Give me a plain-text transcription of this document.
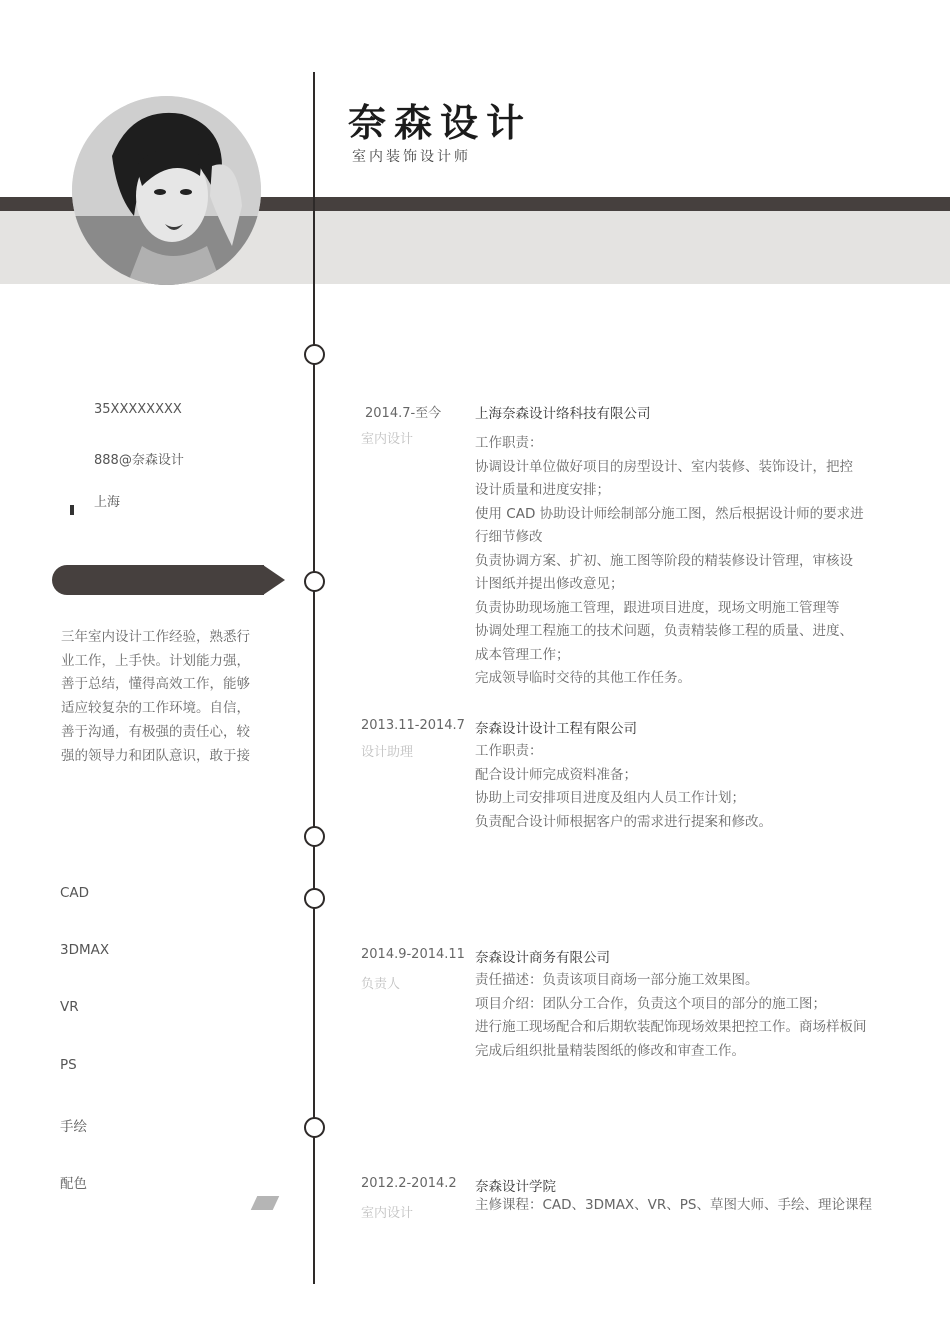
奈森设计
室内装饰设计师
35XXXXXXXX
888@奈森设计
上海
三年室内设计工作经验，熟悉行
业工作，上手快。计划能力强，
善于总结，懂得高效工作，能够
适应较复杂的工作环境。自信，
善于沟通，有极强的责任心，较
强的领导力和团队意识，敢于接
CAD
3DMAX
VR
PS
手绘
配色
2014.7-至今
室内设计
上海奈森设计络科技有限公司
工作职责：
协调设计单位做好项目的房型设计、室内装修、装饰设计，把控
设计质量和进度安排；
使用 CAD 协助设计师绘制部分施工图，然后根据设计师的要求进
行细节修改
负责协调方案、扩初、施工图等阶段的精装修设计管理，审核设
计图纸并提出修改意见；
负责协助现场施工管理，跟进项目进度，现场文明施工管理等
协调处理工程施工的技术问题，负责精装修工程的质量、进度、
成本管理工作；
完成领导临时交待的其他工作任务。
2013.11-2014.7
设计助理
奈森设计设计工程有限公司
工作职责：
配合设计师完成资料准备；
协助上司安排项目进度及组内人员工作计划；
负责配合设计师根据客户的需求进行提案和修改。
2014.9-2014.11
负责人
奈森设计商务有限公司
责任描述：负责该项目商场一部分施工效果图。
项目介绍：团队分工合作，负责这个项目的部分的施工图；
进行施工现场配合和后期软装配饰现场效果把控工作。商场样板间
完成后组织批量精装图纸的修改和审查工作。
2012.2-2014.2
室内设计
奈森设计学院
主修课程：CAD、3DMAX、VR、PS、草图大师、手绘、理论课程
